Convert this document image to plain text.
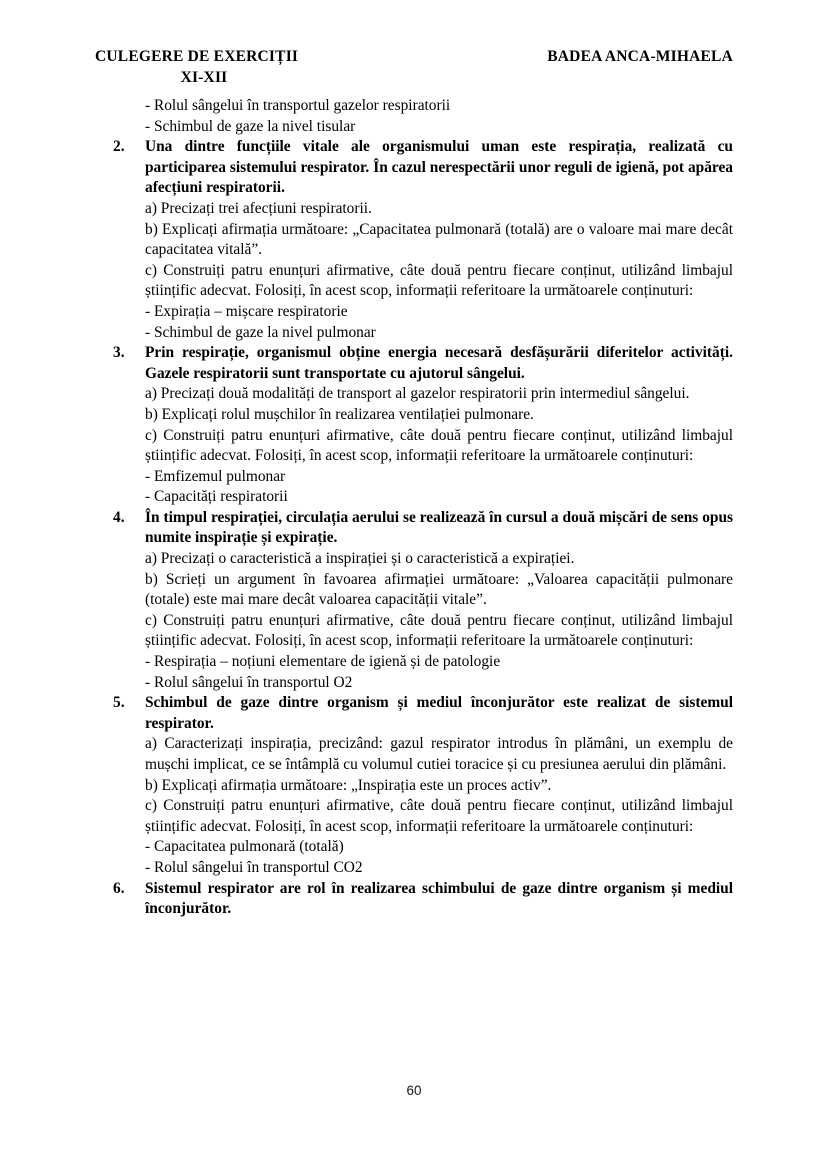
CULEGERE DE EXERCIȚII
XI-XII
BADEA ANCA-MIHAELA

- Rolul sângelui în transportul gazelor respiratorii

- Schimbul de gaze la nivel tisular

2.	Una dintre funcțiile vitale ale organismului uman este respirația, realizată cu participarea sistemului respirator. În cazul nerespectării unor reguli de igienă, pot apărea afecțiuni respiratorii.

a) Precizați trei afecțiuni respiratorii.

b) Explicați afirmația următoare: „Capacitatea pulmonară (totală) are o valoare mai mare decât capacitatea vitală”.

c) Construiți patru enunțuri afirmative, câte două pentru fiecare conținut, utilizând limbajul științific adecvat. Folosiți, în acest scop, informații referitoare la următoarele conținuturi:

- Expirația – mișcare respiratorie

- Schimbul de gaze la nivel pulmonar

3.	Prin respirație, organismul obține energia necesară desfășurării diferitelor activități. Gazele respiratorii sunt transportate cu ajutorul sângelui.

a) Precizați două modalități de transport al gazelor respiratorii prin intermediul sângelui.

b) Explicați rolul mușchilor în realizarea ventilației pulmonare.

c) Construiți patru enunțuri afirmative, câte două pentru fiecare conținut, utilizând limbajul științific adecvat. Folosiți, în acest scop, informații referitoare la următoarele conținuturi:

- Emfizemul pulmonar

- Capacități respiratorii

4.	În timpul respirației, circulația aerului se realizează în cursul a două mișcări de sens opus numite inspirație și expirație.

a) Precizați o caracteristică a inspirației și o caracteristică a expirației.

b) Scrieți un argument în favoarea afirmației următoare: „Valoarea capacității pulmonare (totale) este mai mare decât valoarea capacității vitale”.

c) Construiți patru enunțuri afirmative, câte două pentru fiecare conținut, utilizând limbajul științific adecvat. Folosiți, în acest scop, informații referitoare la următoarele conținuturi:

- Respirația – noțiuni elementare de igienă și de patologie

- Rolul sângelui în transportul O2

5.	Schimbul de gaze dintre organism și mediul înconjurător este realizat de sistemul respirator.

a) Caracterizați inspirația, precizând: gazul respirator introdus în plămâni, un exemplu de mușchi implicat, ce se întâmplă cu volumul cutiei toracice și cu presiunea aerului din plămâni.

b) Explicați afirmația următoare: „Inspirația este un proces activ”.

c) Construiți patru enunțuri afirmative, câte două pentru fiecare conținut, utilizând limbajul științific adecvat. Folosiți, în acest scop, informații referitoare la următoarele conținuturi:

- Capacitatea pulmonară (totală)

- Rolul sângelui în transportul CO2

6.	Sistemul respirator are rol în realizarea schimbului de gaze dintre organism și mediul înconjurător.

60
